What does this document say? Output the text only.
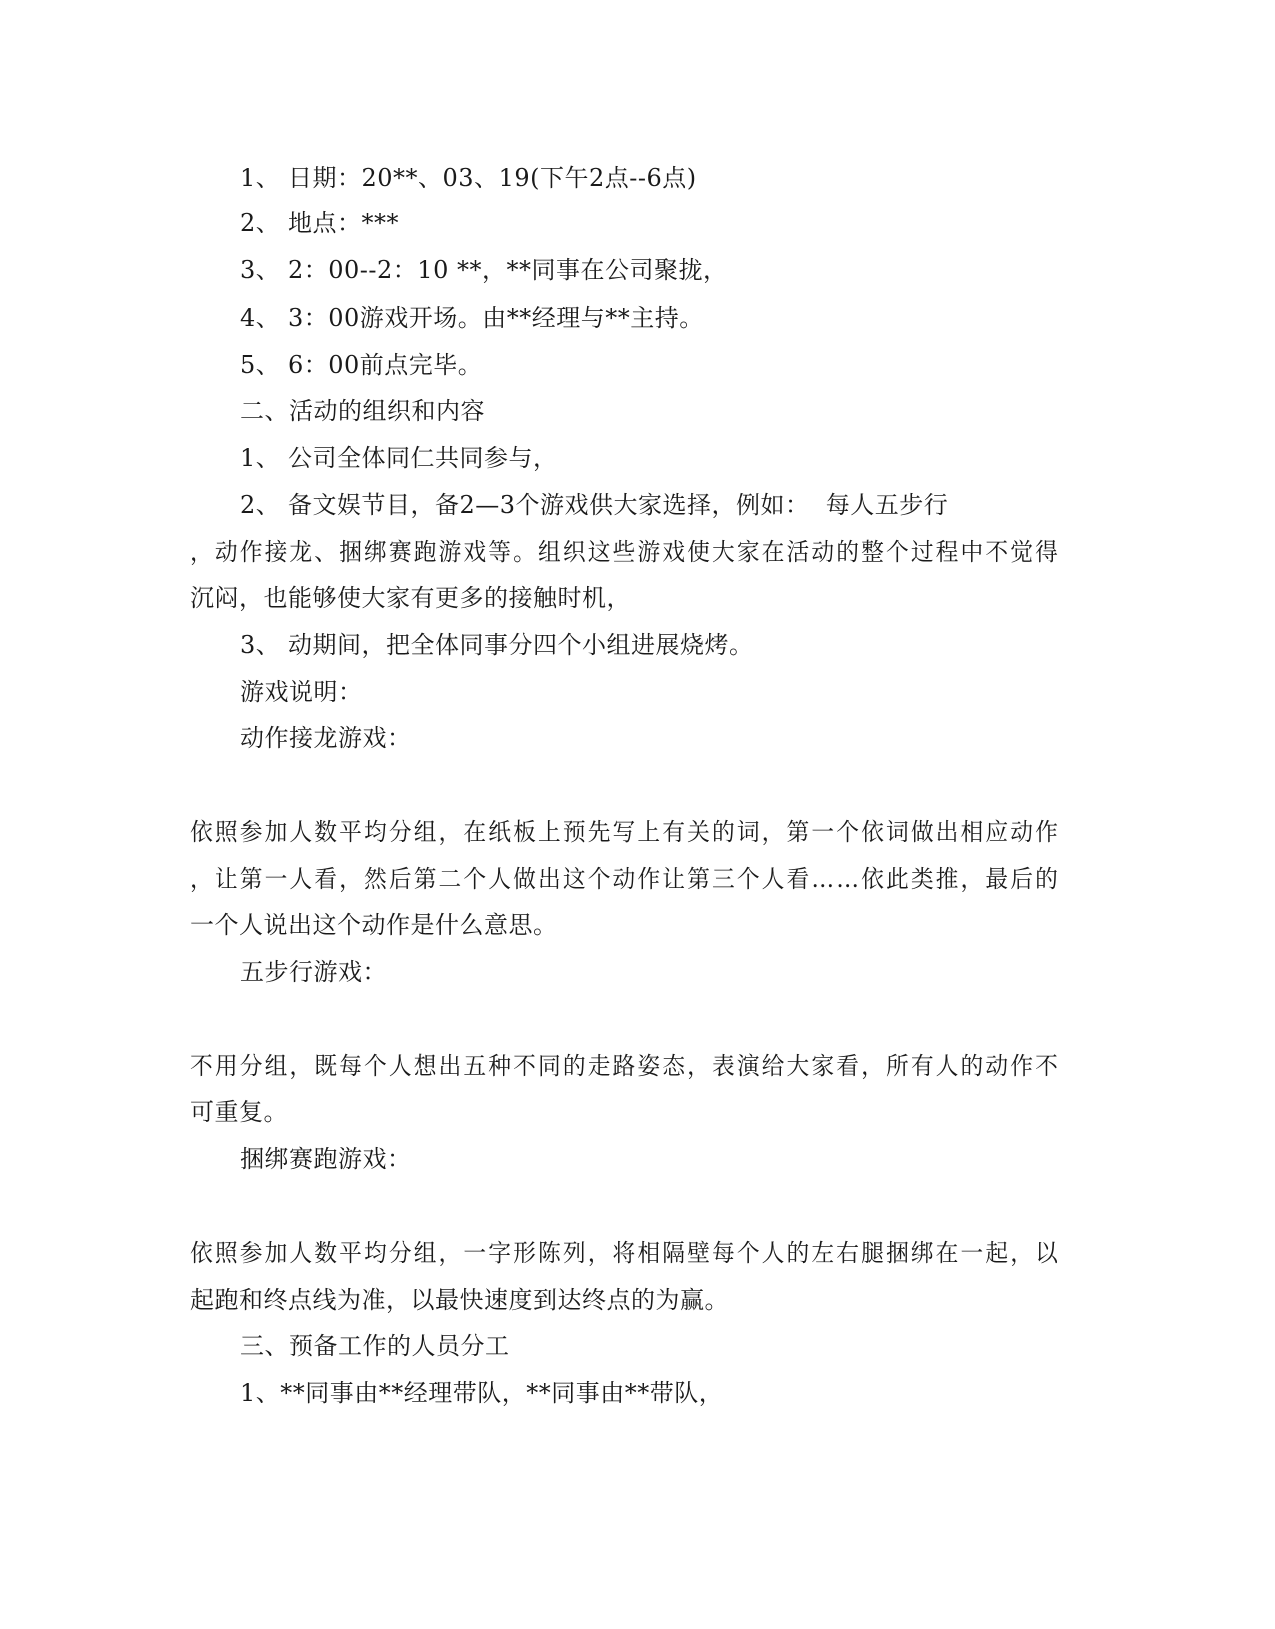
1、 日期：20**、03、19(下午2点--6点)
2、 地点：***
3、 2：00--2：10 **，**同事在公司聚拢，
4、 3：00游戏开场。由**经理与**主持。
5、 6：00前点完毕。
二、活动的组织和内容
1、 公司全体同仁共同参与，
2、 备文娱节目，备2—3个游戏供大家选择，例如：  每人五步行
，动作接龙、捆绑赛跑游戏等。组织这些游戏使大家在活动的整个过程中不觉得
沉闷，也能够使大家有更多的接触时机，
3、 动期间，把全体同事分四个小组进展烧烤。
游戏说明：
动作接龙游戏：
依照参加人数平均分组，在纸板上预先写上有关的词，第一个依词做出相应动作
，让第一人看，然后第二个人做出这个动作让第三个人看……依此类推，最后的
一个人说出这个动作是什么意思。
五步行游戏：
不用分组，既每个人想出五种不同的走路姿态，表演给大家看，所有人的动作不
可重复。
捆绑赛跑游戏：
依照参加人数平均分组，一字形陈列，将相隔壁每个人的左右腿捆绑在一起，以
起跑和终点线为准，以最快速度到达终点的为赢。
三、预备工作的人员分工
1、**同事由**经理带队，**同事由**带队，
